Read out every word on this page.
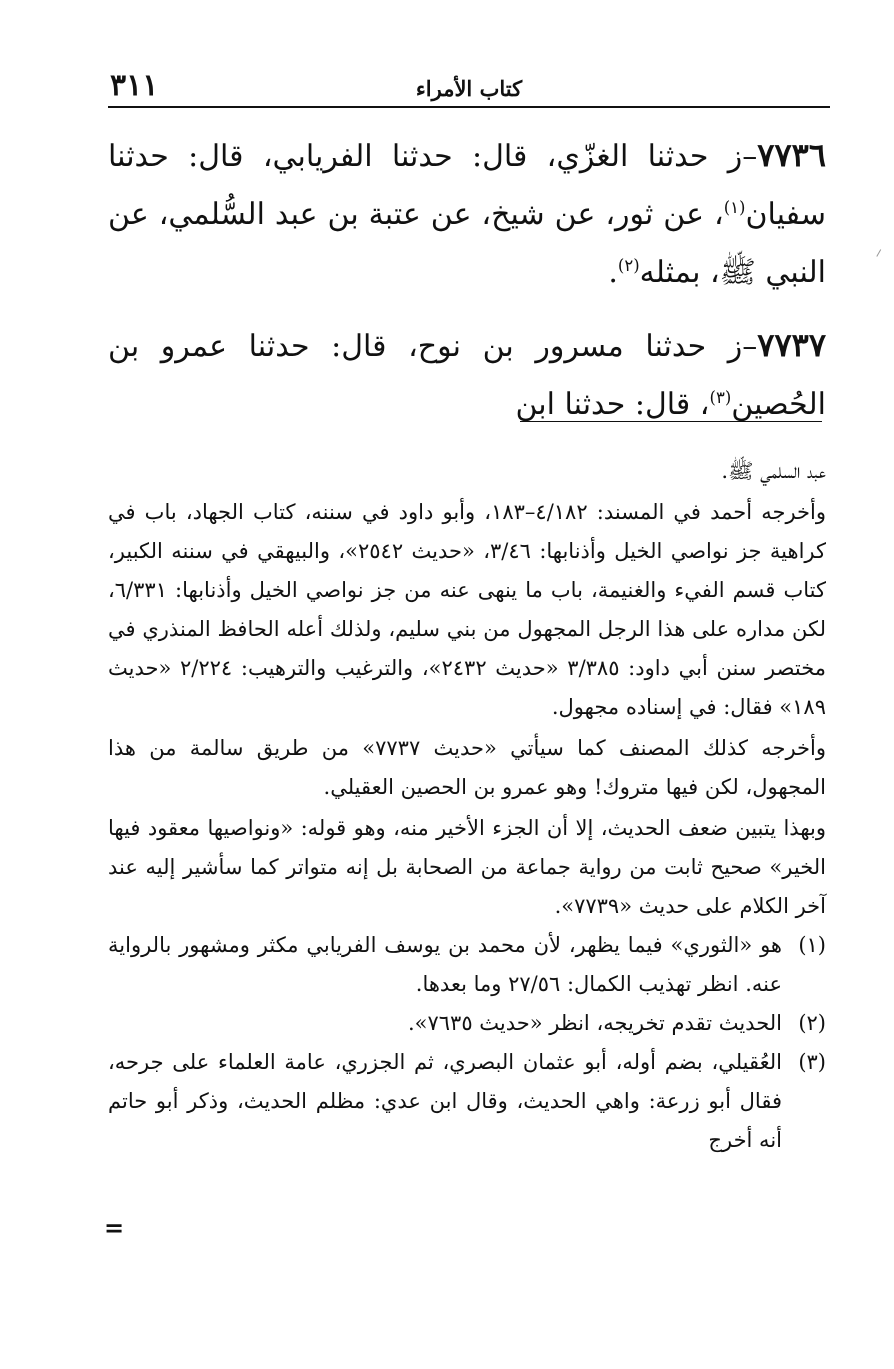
٣١١	كتاب الأمراء

٧٧٣٦–ز حدثنا الغزّي، قال: حدثنا الفريابي، قال: حدثنا سفيان$^{(١)}$، عن ثور، عن شيخ، عن عتبة بن عبد السُّلمي، عن النبي ﷺ، بمثله$^{(٢)}$.

٧٧٣٧–ز حدثنا مسرور بن نوح، قال: حدثنا عمرو بن الحُصين$^{(٣)}$، قال: حدثنا ابن

عبد السلمي ﷺ.

وأخرجه أحمد في المسند: ٤/١٨٢–١٨٣، وأبو داود في سننه، كتاب الجهاد، باب في كراهية جز نواصي الخيل وأذنابها: ٣/٤٦، «حديث ٢٥٤٢»، والبيهقي في سننه الكبير، كتاب قسم الفيء والغنيمة، باب ما ينهى عنه من جز نواصي الخيل وأذنابها: ٦/٣٣١، لكن مداره على هذا الرجل المجهول من بني سليم، ولذلك أعله الحافظ المنذري في مختصر سنن أبي داود: ٣/٣٨٥ «حديث ٢٤٣٢»، والترغيب والترهيب: ٢/٢٢٤ «حديث ١٨٩» فقال: في إسناده مجهول.

وأخرجه كذلك المصنف كما سيأتي «حديث ٧٧٣٧» من طريق سالمة من هذا المجهول، لكن فيها متروك! وهو عمرو بن الحصين العقيلي.

وبهذا يتبين ضعف الحديث، إلا أن الجزء الأخير منه، وهو قوله: «ونواصيها معقود فيها الخير» صحيح ثابت من رواية جماعة من الصحابة بل إنه متواتر كما سأشير إليه عند آخر الكلام على حديث «٧٧٣٩».

(١)
هو «الثوري» فيما يظهر، لأن محمد بن يوسف الفريابي مكثر ومشهور بالرواية عنه. انظر تهذيب الكمال: ٢٧/٥٦ وما بعدها.
(٢)
الحديث تقدم تخريجه، انظر «حديث ٧٦٣٥».
(٣)
العُقيلي، بضم أوله، أبو عثمان البصري، ثم الجزري، عامة العلماء على جرحه، فقال أبو زرعة: واهي الحديث، وقال ابن عدي: مظلم الحديث، وذكر أبو حاتم أنه أخرج
=
